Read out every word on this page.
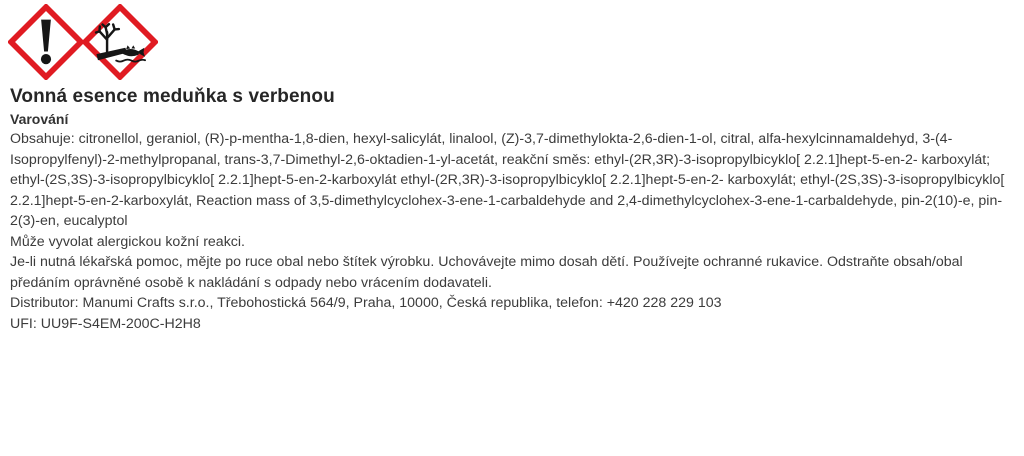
Vonná esence meduňka s verbenou
Varování

Obsahuje: citronellol, geraniol, (R)-p-mentha-1,8-dien, hexyl-salicylát, linalool, (Z)-3,7-dimethylokta-2,6-dien-1-ol, citral, alfa-hexylcinnamaldehyd, 3-(4-Isopropylfenyl)-2-methylpropanal, trans-3,7-Dimethyl-2,6-oktadien-1-yl-acetát, reakční směs: ethyl-(2R,3R)-3-isopropylbicyklo[ 2.2.1]hept-5-en-2- karboxylát; ethyl-(2S,3S)-3-isopropylbicyklo[ 2.2.1]hept-5-en-2-karboxylát ethyl-(2R,3R)-3-isopropylbicyklo[ 2.2.1]hept-5-en-2- karboxylát; ethyl-(2S,3S)-3-isopropylbicyklo[ 2.2.1]hept-5-en-2-karboxylát, Reaction mass of 3,5-dimethylcyclohex-3-ene-1-carbaldehyde and 2,4-dimethylcyclohex-3-ene-1-carbaldehyde, pin-2(10)-e, pin-2(3)-en, eucalyptol

Může vyvolat alergickou kožní reakci.

Je-li nutná lékařská pomoc, mějte po ruce obal nebo štítek výrobku. Uchovávejte mimo dosah dětí. Používejte ochranné rukavice. Odstraňte obsah/obal předáním oprávněné osobě k nakládání s odpady nebo vrácením dodavateli.

Distributor: Manumi Crafts s.r.o., Třebohostická 564/9, Praha, 10000, Česká republika, telefon: +420 228 229 103

UFI: UU9F-S4EM-200C-H2H8
